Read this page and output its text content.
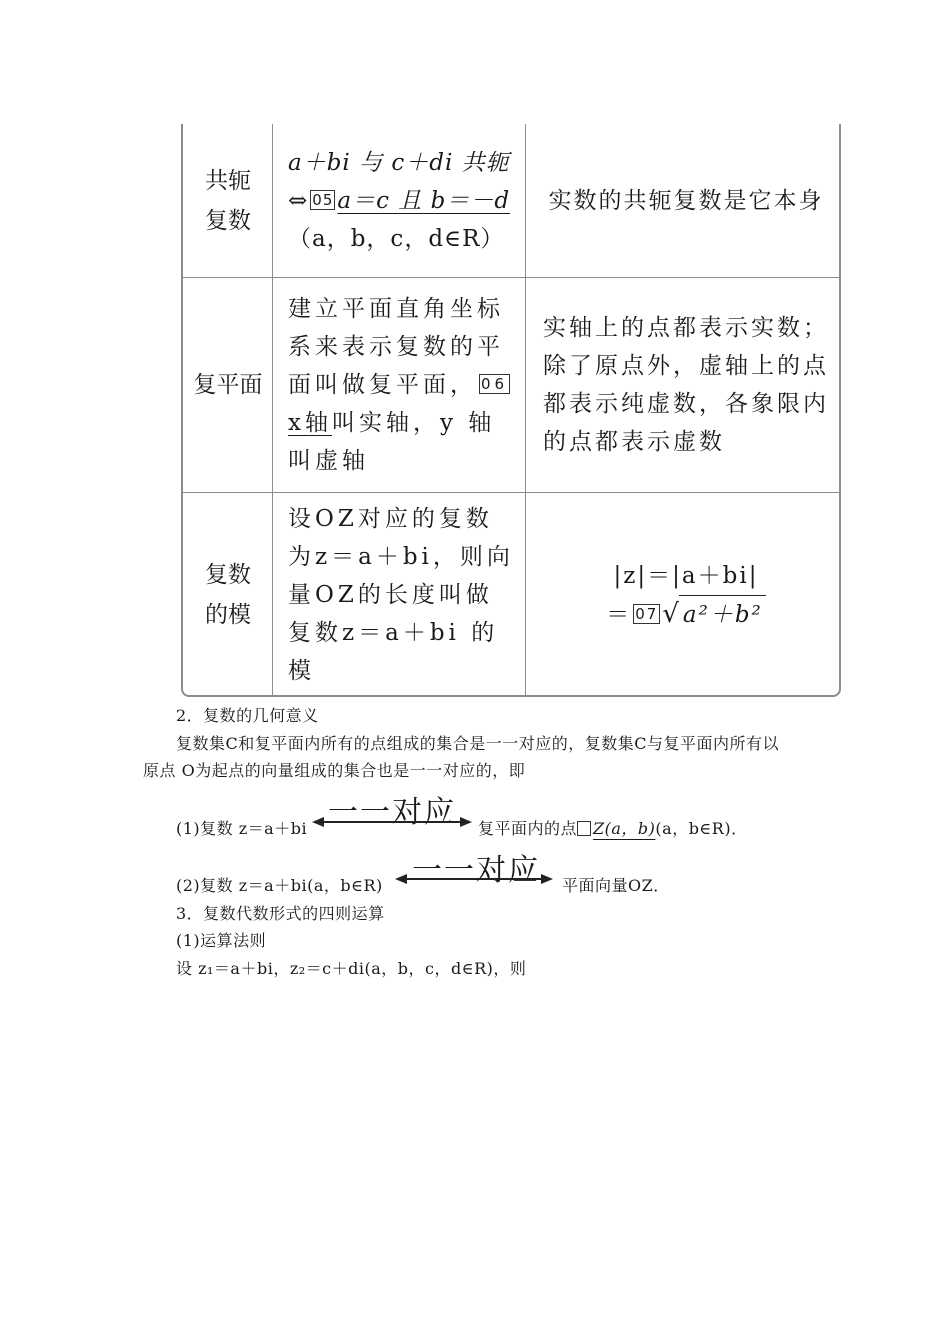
共轭复数
a＋bi 与 c＋di 共轭
⇔ 05 a＝c 且 b＝－d
（a，b，c，d∈R）
实数的共轭复数是它本身
复平面
建立平面直角坐标系来表示复数的平面叫做复平面， 06x轴叫实轴，y 轴叫虚轴
实轴上的点都表示实数；除了原点外，虚轴上的点都表示纯虚数，各象限内的点都表示虚数
复数的模
设OZ对应的复数为z＝a＋bi，则向量OZ的长度叫做复数z＝a＋bi 的模
|z|＝|a＋bi|
＝ 07 √a²＋b²
2．复数的几何意义
复数集C和复平面内所有的点组成的集合是一一对应的，复数集C与复平面内所有以
原点 O为起点的向量组成的集合也是一一对应的，即
(1)复数 z＝a＋bi 一一对应 复平面内的点 Z(a，b)(a，b∈R)．
(2)复数 z＝a＋bi(a，b∈R) 一一对应 平面向量OZ．
3．复数代数形式的四则运算
(1)运算法则
设 z₁＝a＋bi，z₂＝c＋di(a，b，c，d∈R)，则
